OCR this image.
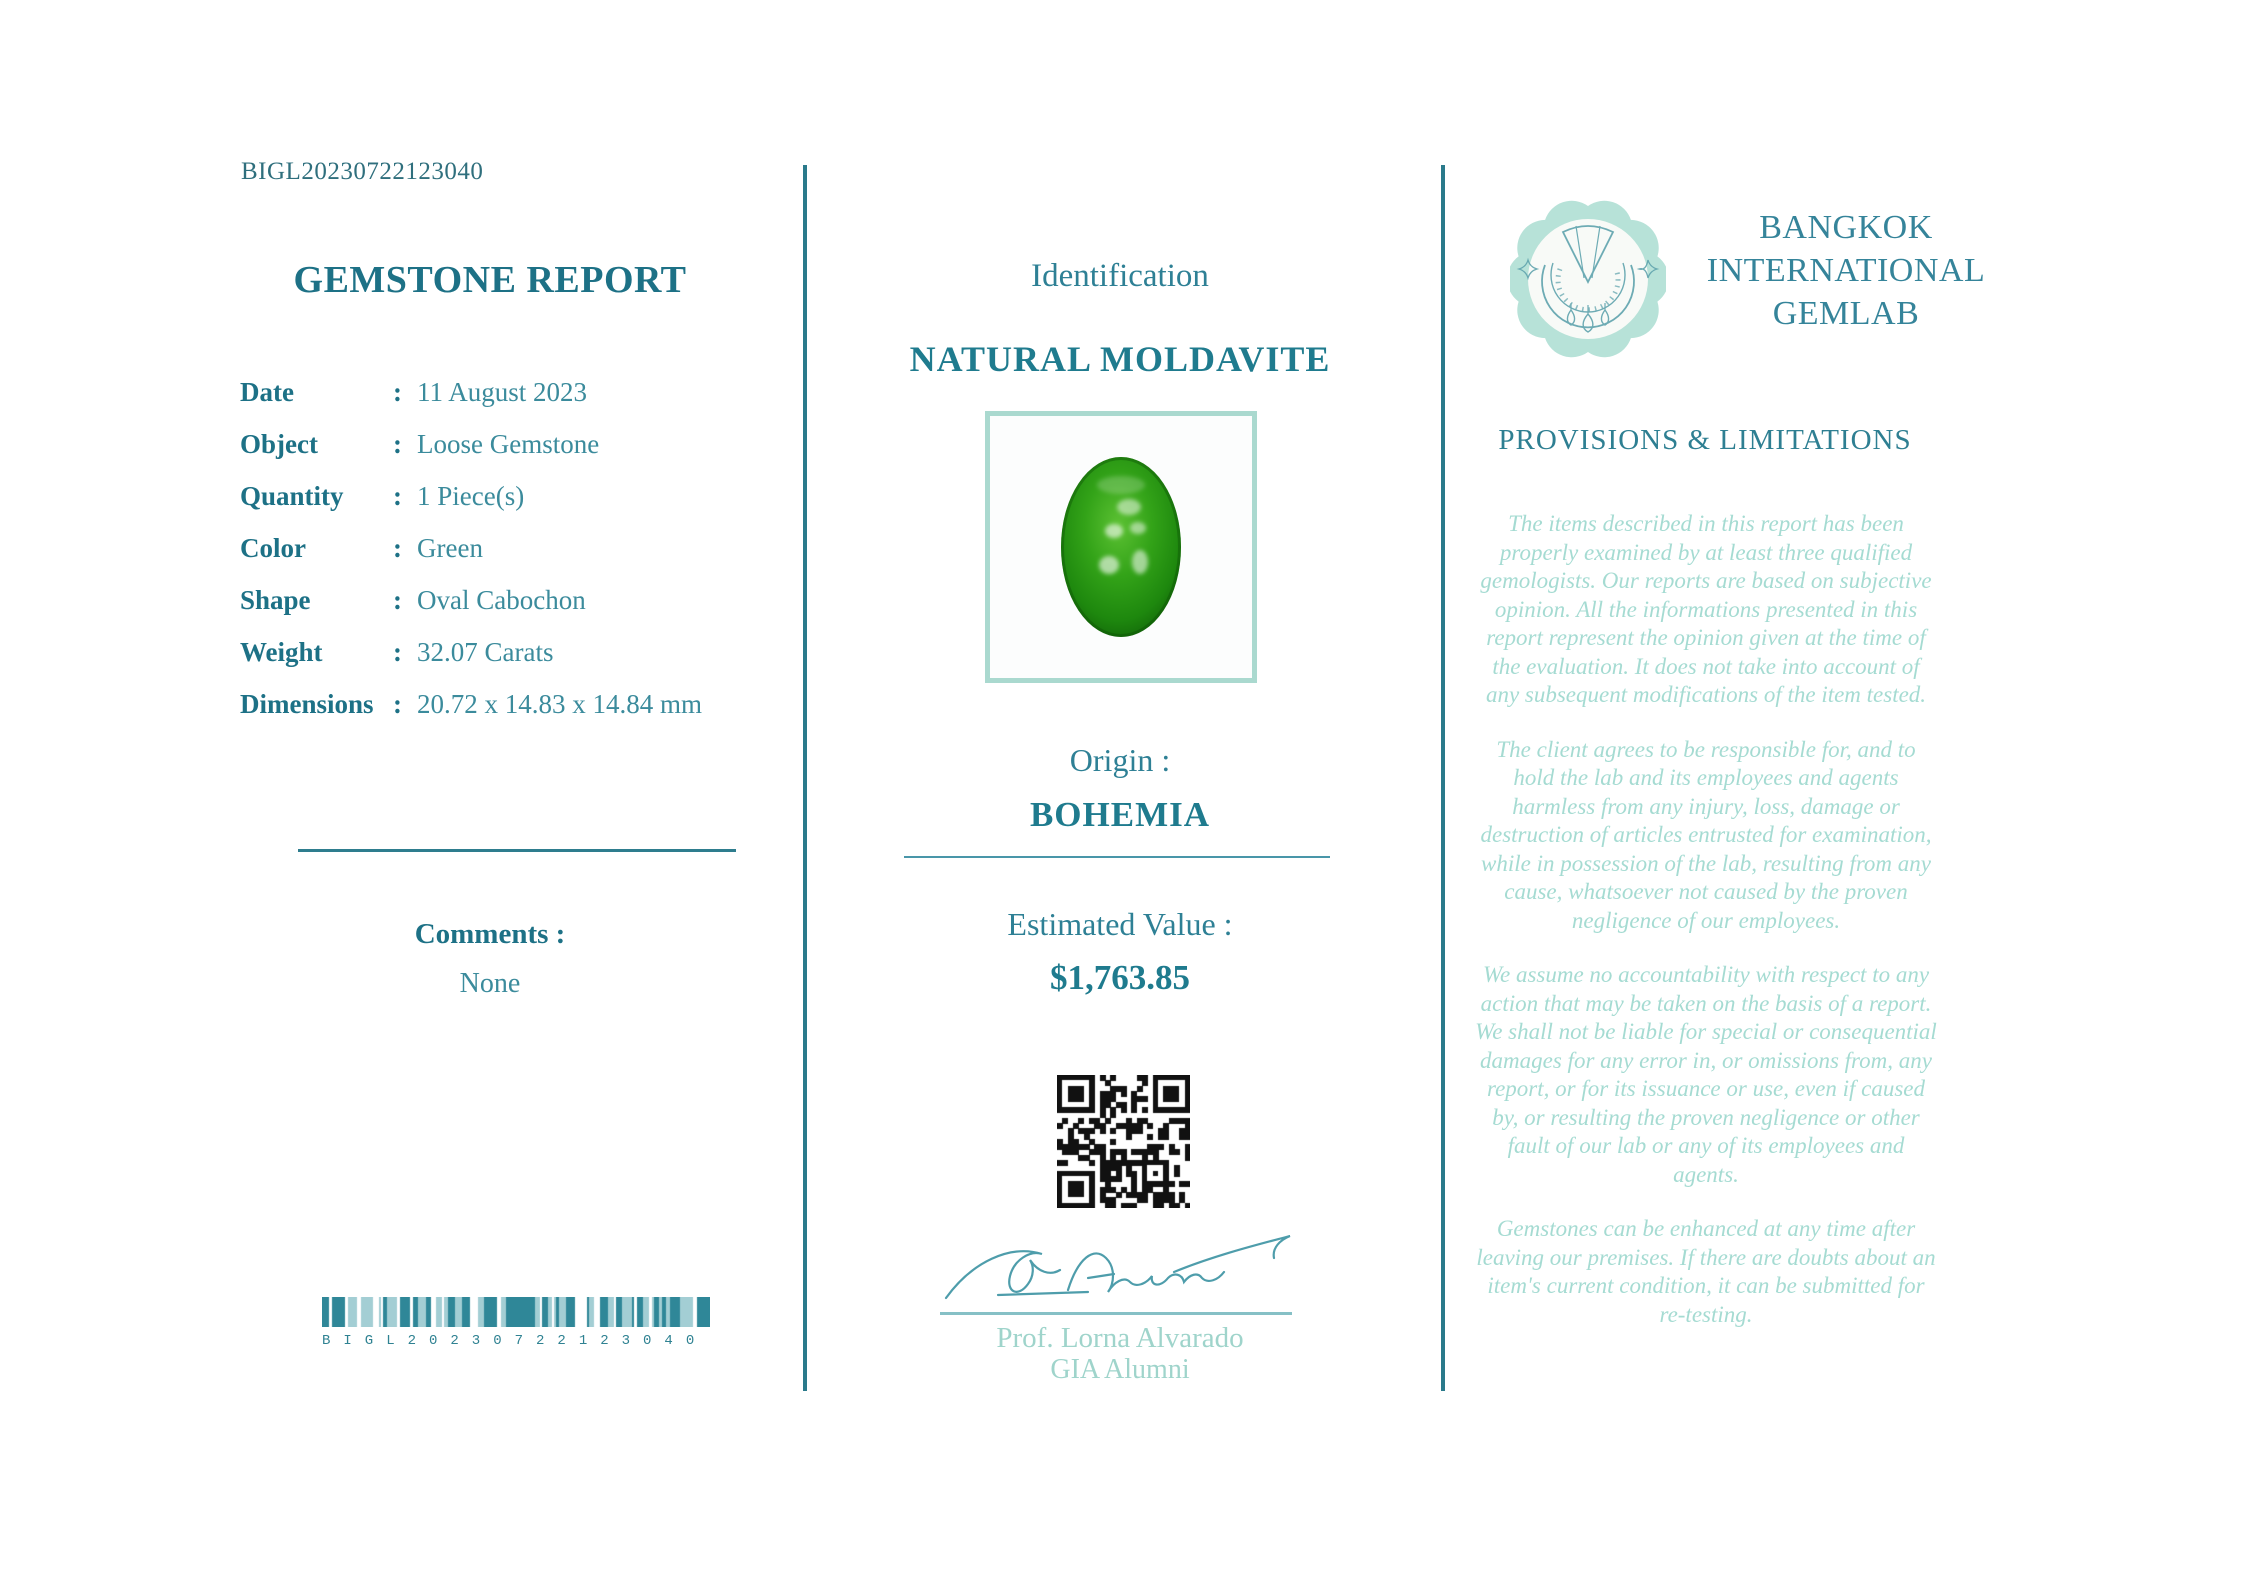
BIGL20230722123040
GEMSTONE REPORT
Date	: 11 August 2023
Object	: Loose Gemstone
Quantity	: 1 Piece(s)
Color	: Green
Shape	: Oval Cabochon
Weight	: 32.07 Carats
Dimensions : 20.72 x 14.83 x 14.84 mm
Comments :
None
BIGL20230722123040
Identification
NATURAL MOLDAVITE
Origin :
BOHEMIA
Estimated Value :
$1,763.85
Prof. Lorna Alvarado
GIA Alumni
BANGKOK
INTERNATIONAL
GEMLAB
PROVISIONS & LIMITATIONS

The items described in this report has been properly examined by at least three qualified gemologists. Our reports are based on subjective opinion. All the informations presented in this report represent the opinion given at the time of the evaluation. It does not take into account of any subsequent modifications of the item tested.

The client agrees to be responsible for, and to hold the lab and its employees and agents harmless from any injury, loss, damage or destruction of articles entrusted for examination, while in possession of the lab, resulting from any cause, whatsoever not caused by the proven negligence of our employees.

We assume no accountability with respect to any action that may be taken on the basis of a report. We shall not be liable for special or consequential damages for any error in, or omissions from, any report, or for its issuance or use, even if caused by, or resulting the proven negligence or other fault of our lab or any of its employees and agents.

Gemstones can be enhanced at any time after leaving our premises. If there are doubts about an item's current condition, it can be submitted for re-testing.
